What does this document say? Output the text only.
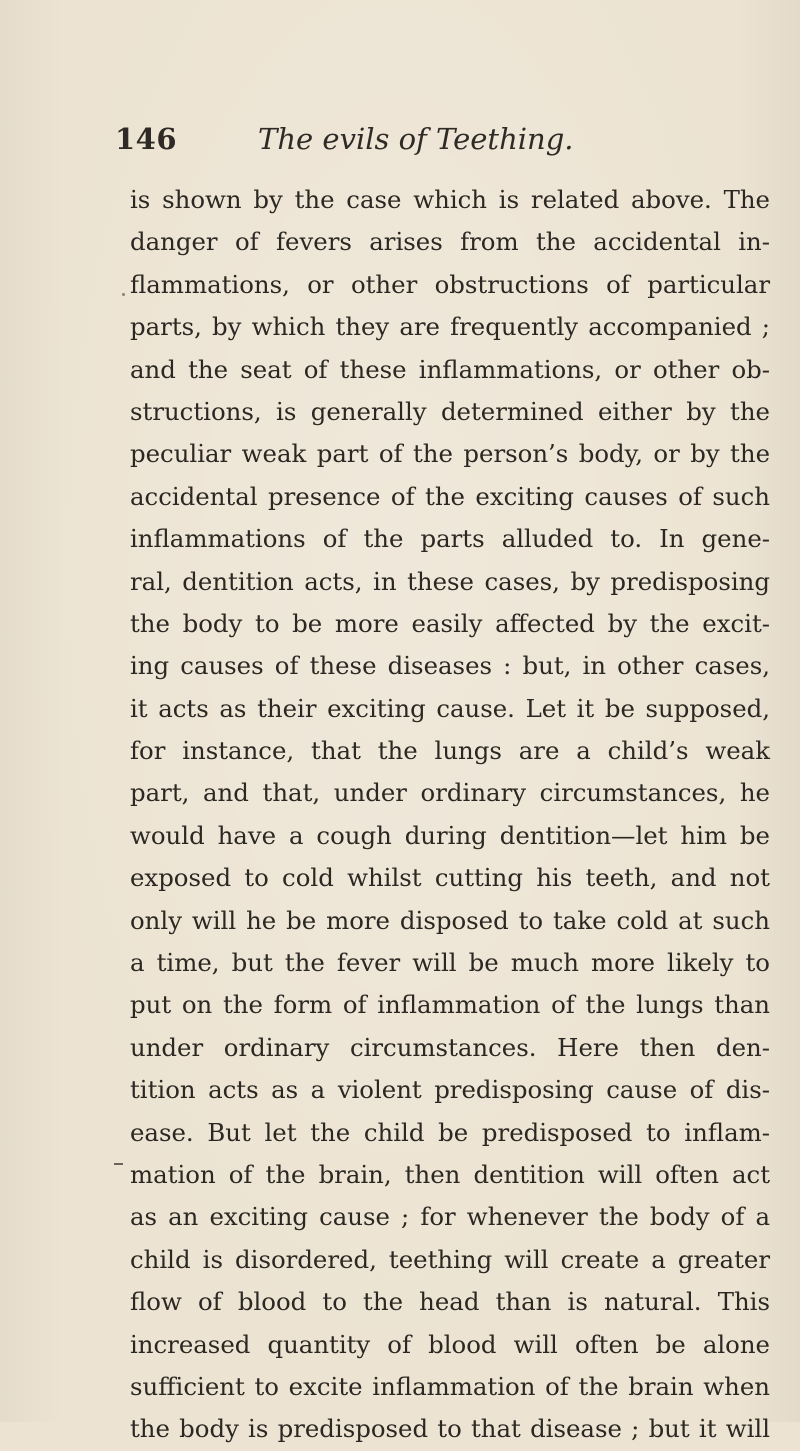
146	The evils of Teething.
is shown by the case which is related above. The
danger of fevers arises from the accidental in-
flammations, or other obstructions of particular
parts, by which they are frequently accompanied ;
and the seat of these inflammations, or other ob-
structions, is generally determined either by the
peculiar weak part of the person’s body, or by the
accidental presence of the exciting causes of such
inflammations of the parts alluded to. In gene-
ral, dentition acts, in these cases, by predisposing
the body to be more easily affected by the excit-
ing causes of these diseases : but, in other cases,
it acts as their exciting cause. Let it be supposed,
for instance, that the lungs are a child’s weak
part, and that, under ordinary circumstances, he
would have a cough during dentition—let him be
exposed to cold whilst cutting his teeth, and not
only will he be more disposed to take cold at such
a time, but the fever will be much more likely to
put on the form of inflammation of the lungs than
under ordinary circumstances. Here then den-
tition acts as a violent predisposing cause of dis-
ease. But let the child be predisposed to inflam-
mation of the brain, then dentition will often act
as an exciting cause ; for whenever the body of a
child is disordered, teething will create a greater
flow of blood to the head than is natural. This
increased quantity of blood will often be alone
sufficient to excite inflammation of the brain when
the body is predisposed to that disease ; but it will
